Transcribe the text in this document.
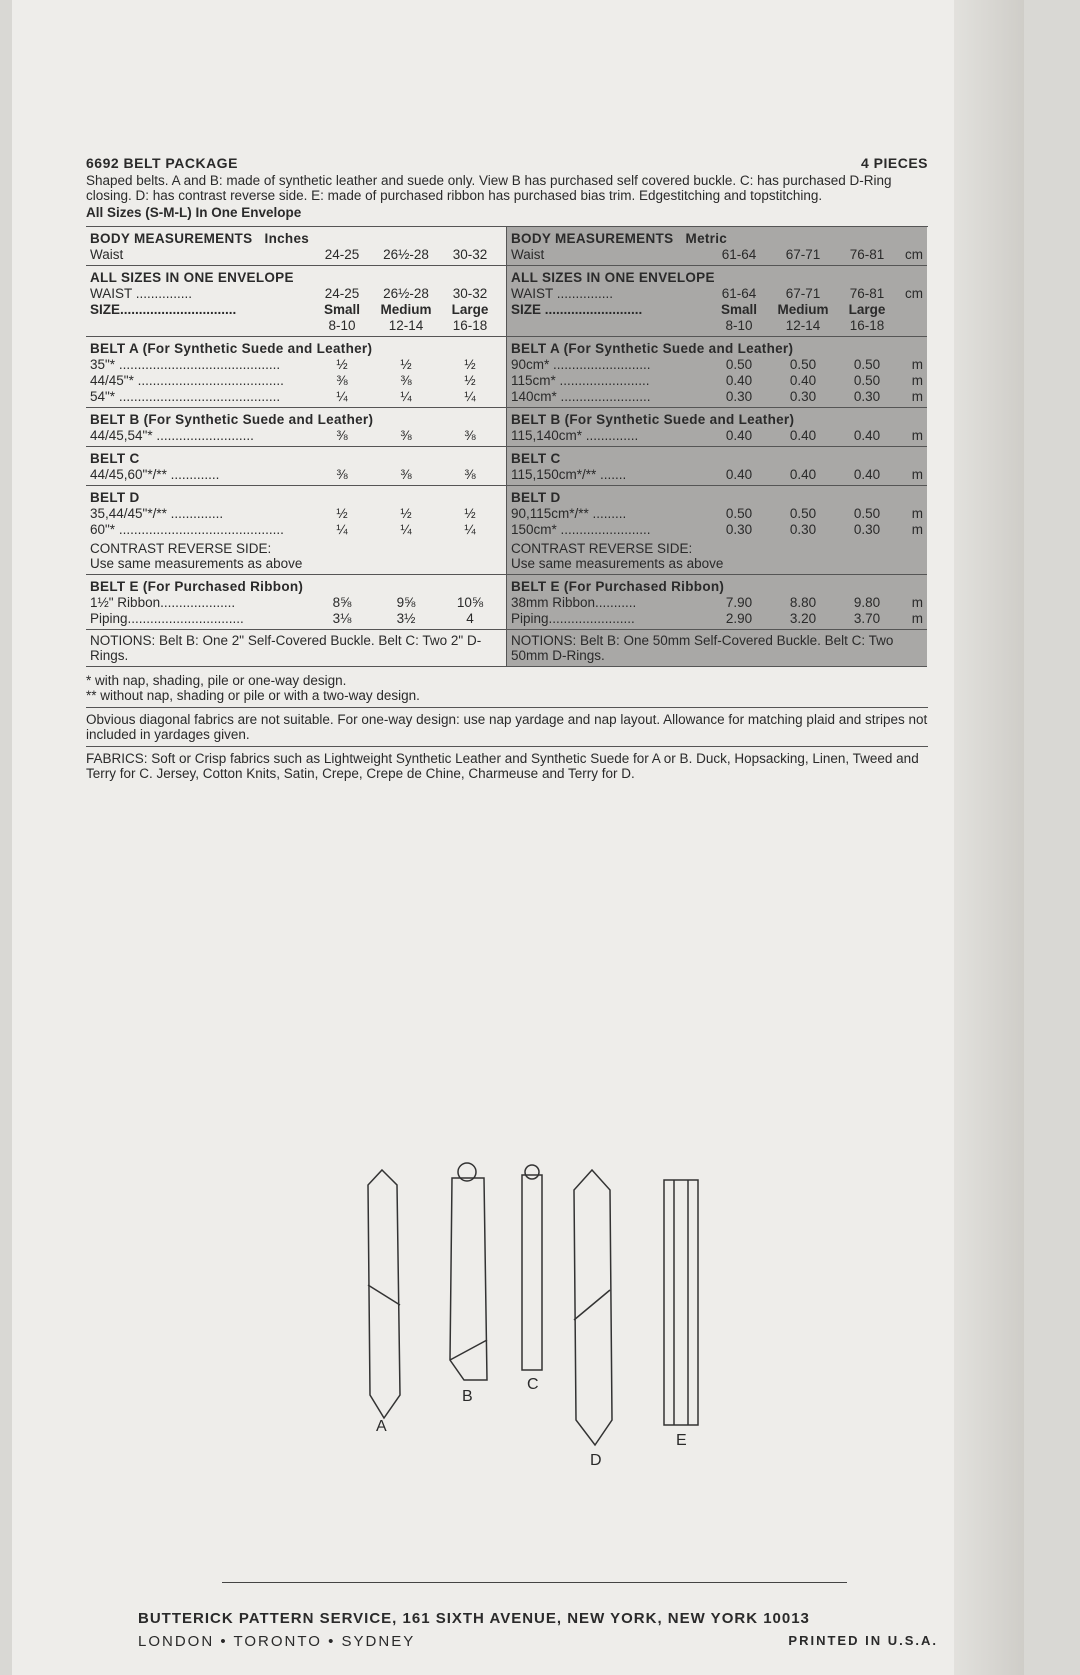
6692 BELT PACKAGE	4 PIECES
Shaped belts. A and B: made of synthetic leather and suede only. View B has purchased self covered buckle. C: has purchased D-Ring closing. D: has contrast reverse side. E: made of purchased ribbon has purchased bias trim. Edgestitching and topstitching.
All Sizes (S-M-L) In One Envelope
BODY MEASUREMENTS Inches
Waist	24-25	26½-28	30-32
ALL SIZES IN ONE ENVELOPE
WAIST ...............	24-25	26½-28	30-32
SIZE...............................	Small	Medium	Large
8-10	12-14	16-18
BELT A (For Synthetic Suede and Leather)
35"* ...........................................	½	½	½
44/45"* .......................................	⅜	⅜	½
54"* ...........................................	¼	¼	¼
BELT B (For Synthetic Suede and Leather)
44/45,54"* ..........................	⅜	⅜	⅜
BELT C
44/45,60"*/** .............	⅜	⅜	⅜
BELT D
35,44/45"*/** ..............	½	½	½
60"* ............................................	¼	¼	¼
CONTRAST REVERSE SIDE:
Use same measurements as above
BELT E (For Purchased Ribbon)
1½" Ribbon....................	8⅝	9⅝	10⅝
Piping...............................	3⅛	3½	4
NOTIONS: Belt B: One 2" Self-Covered Buckle. Belt C: Two 2" D-Rings.
BODY MEASUREMENTS Metric
Waist	61-64	67-71	76-81	cm
ALL SIZES IN ONE ENVELOPE
WAIST ...............	61-64	67-71	76-81	cm
SIZE ..........................	Small	Medium	Large
8-10	12-14	16-18
BELT A (For Synthetic Suede and Leather)
90cm* ..........................	0.50	0.50	0.50	m
115cm* ........................	0.40	0.40	0.50	m
140cm* ........................	0.30	0.30	0.30	m
BELT B (For Synthetic Suede and Leather)
115,140cm* ..............	0.40	0.40	0.40	m
BELT C
115,150cm*/** .......	0.40	0.40	0.40	m
BELT D
90,115cm*/** .........	0.50	0.50	0.50	m
150cm* ........................	0.30	0.30	0.30	m
CONTRAST REVERSE SIDE:
Use same measurements as above
BELT E (For Purchased Ribbon)
38mm Ribbon...........	7.90	8.80	9.80	m
Piping.......................	2.90	3.20	3.70	m
NOTIONS: Belt B: One 50mm Self-Covered Buckle. Belt C: Two 50mm D-Rings.
* with nap, shading, pile or one-way design.
** without nap, shading or pile or with a two-way design.
Obvious diagonal fabrics are not suitable. For one-way design: use nap yardage and nap layout. Allowance for matching plaid and stripes not included in yardages given.
FABRICS: Soft or Crisp fabrics such as Lightweight Synthetic Leather and Synthetic Suede for A or B. Duck, Hopsacking, Linen, Tweed and Terry for C. Jersey, Cotton Knits, Satin, Crepe, Crepe de Chine, Charmeuse and Terry for D.
A
B
C
D
E
BUTTERICK PATTERN SERVICE, 161 SIXTH AVENUE, NEW YORK, NEW YORK 10013
LONDON • TORONTO • SYDNEY	PRINTED IN U.S.A.
